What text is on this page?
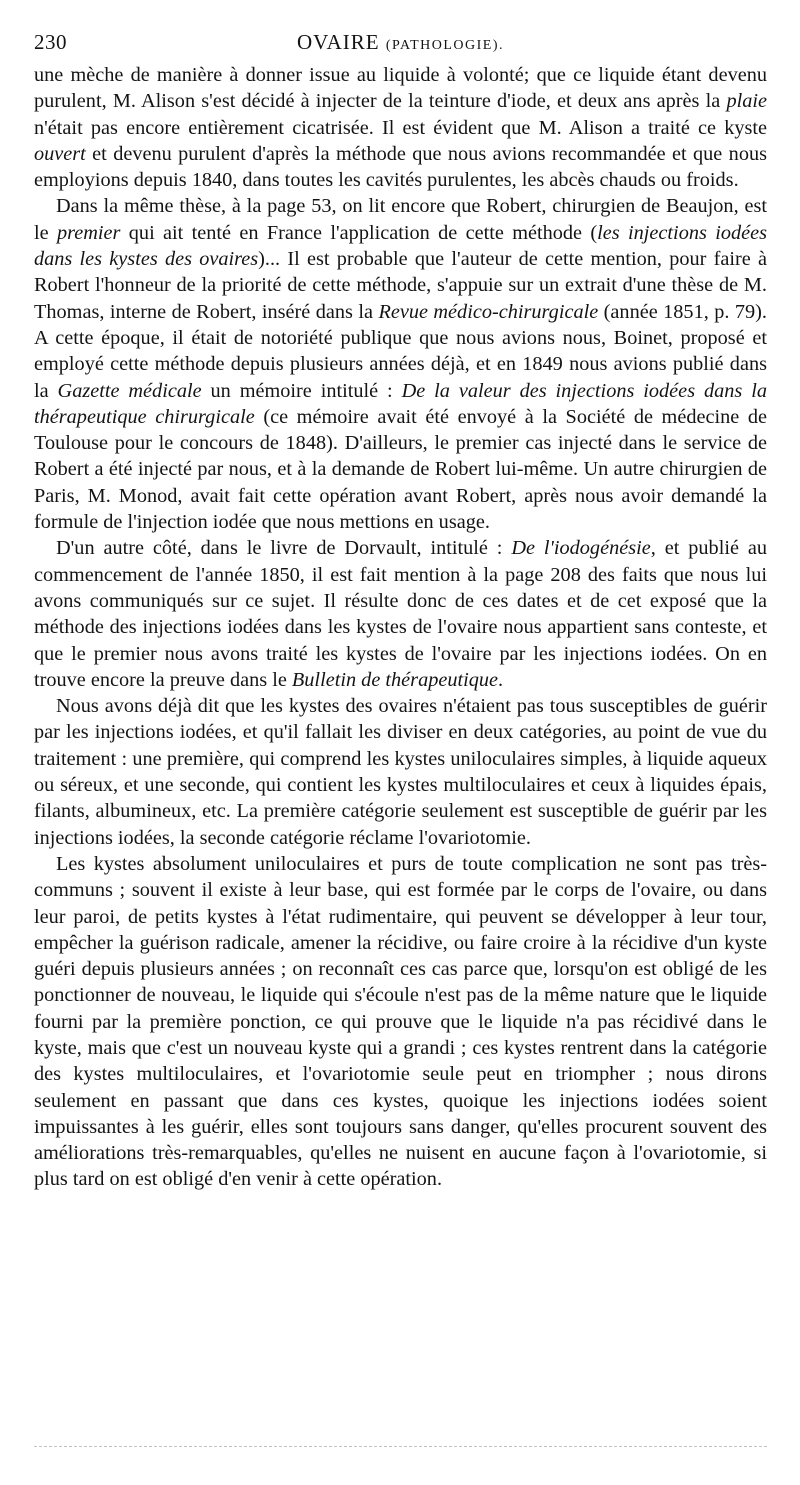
230	OVAIRE (PATHOLOGIE).

une mèche de manière à donner issue au liquide à volonté; que ce liquide étant devenu purulent, M. Alison s'est décidé à injecter de la teinture d'iode, et deux ans après la plaie n'était pas encore entièrement cicatrisée. Il est évident que M. Alison a traité ce kyste ouvert et devenu purulent d'après la méthode que nous avions recommandée et que nous employions depuis 1840, dans toutes les cavités purulentes, les abcès chauds ou froids.

Dans la même thèse, à la page 53, on lit encore que Robert, chirurgien de Beaujon, est le premier qui ait tenté en France l'application de cette méthode (les injections iodées dans les kystes des ovaires)... Il est probable que l'auteur de cette mention, pour faire à Robert l'honneur de la priorité de cette méthode, s'appuie sur un extrait d'une thèse de M. Thomas, interne de Robert, inséré dans la Revue médico-chirurgicale (année 1851, p. 79). A cette époque, il était de notoriété publique que nous avions nous, Boinet, proposé et employé cette méthode depuis plusieurs années déjà, et en 1849 nous avions publié dans la Gazette médicale un mémoire intitulé : De la valeur des injections iodées dans la thérapeutique chirurgicale (ce mémoire avait été envoyé à la Société de médecine de Toulouse pour le concours de 1848). D'ailleurs, le premier cas injecté dans le service de Robert a été injecté par nous, et à la demande de Robert lui-même. Un autre chirurgien de Paris, M. Monod, avait fait cette opération avant Robert, après nous avoir demandé la formule de l'injection iodée que nous mettions en usage.

D'un autre côté, dans le livre de Dorvault, intitulé : De l'iodogénésie, et publié au commencement de l'année 1850, il est fait mention à la page 208 des faits que nous lui avons communiqués sur ce sujet. Il résulte donc de ces dates et de cet exposé que la méthode des injections iodées dans les kystes de l'ovaire nous appartient sans conteste, et que le premier nous avons traité les kystes de l'ovaire par les injections iodées. On en trouve encore la preuve dans le Bulletin de thérapeutique.

Nous avons déjà dit que les kystes des ovaires n'étaient pas tous susceptibles de guérir par les injections iodées, et qu'il fallait les diviser en deux catégories, au point de vue du traitement : une première, qui comprend les kystes uniloculaires simples, à liquide aqueux ou séreux, et une seconde, qui contient les kystes multiloculaires et ceux à liquides épais, filants, albumineux, etc. La première catégorie seulement est susceptible de guérir par les injections iodées, la seconde catégorie réclame l'ovariotomie.

Les kystes absolument uniloculaires et purs de toute complication ne sont pas très-communs ; souvent il existe à leur base, qui est formée par le corps de l'ovaire, ou dans leur paroi, de petits kystes à l'état rudimentaire, qui peuvent se développer à leur tour, empêcher la guérison radicale, amener la récidive, ou faire croire à la récidive d'un kyste guéri depuis plusieurs années ; on reconnaît ces cas parce que, lorsqu'on est obligé de les ponctionner de nouveau, le liquide qui s'écoule n'est pas de la même nature que le liquide fourni par la première ponction, ce qui prouve que le liquide n'a pas récidivé dans le kyste, mais que c'est un nouveau kyste qui a grandi ; ces kystes rentrent dans la catégorie des kystes multiloculaires, et l'ovariotomie seule peut en triompher ; nous dirons seulement en passant que dans ces kystes, quoique les injections iodées soient impuissantes à les guérir, elles sont toujours sans danger, qu'elles procurent souvent des améliorations très-remarquables, qu'elles ne nuisent en aucune façon à l'ovariotomie, si plus tard on est obligé d'en venir à cette opération.
